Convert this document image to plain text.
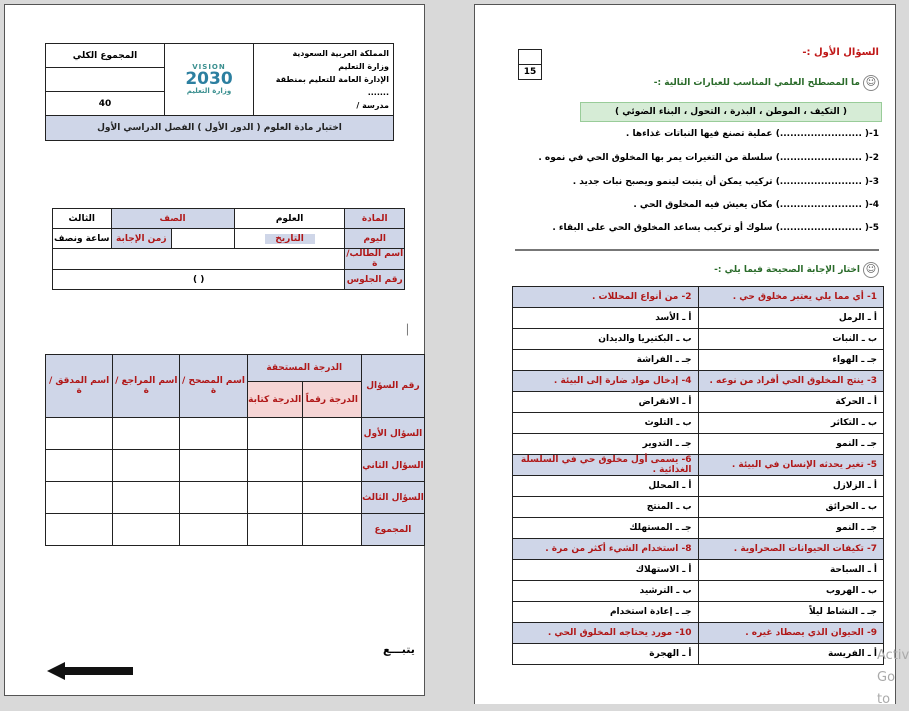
المجموع الكلي	
VISION
2030
وزارة التعليم

المملكة العربية السعودية
وزارة التعليم
الإدارة العامة للتعليم بمنطقة .......
مدرسة /

40
اختبار مادة العلوم ( الدور الأول ) الفصل الدراسي الأول
المادة	العلوم	الصف		الثالث
اليوم	التاريخ		زمن الإجابة	ساعة ونصف
اسم الطالب/ة				
رقم الجلوس	( )			
▏
رقم السؤال	الدرجة المستحقة		اسم المصحح / ة	اسم المراجع / ة	اسم المدقق / ة
	الدرجة رقماً	الدرجة كتابة			
السؤال الأول					
السؤال الثاني					
السؤال الثالث					
المجموع					
يتبـــع

15
السؤال الأول :-
☺
ما المصطلح العلمي المناسب للعبارات التالية :-
( التكيف ، الموطن ، البذرة ، التحول ، البناء الضوئي )
1-(........................) عملية تصنع فيها النباتات غذاءها .
2-(........................) سلسلة من التغيرات يمر بها المخلوق الحي في نموه .
3-(........................) تركيب يمكن أن ينبت لينمو ويصبح نبات جديد .
4-(........................) مكان يعيش فيه المخلوق الحي .
5-(........................) سلوك أو تركيب يساعد المخلوق الحي على البقاء .
☺
اختار الإجابة الصحيحة فيما يلي :-
1- أي مما يلي يعتبر مخلوق حي .	2- من أنواع المحللات .
أ ـ الرمل	أ ـ الأسد
ب ـ النبات	ب ـ البكتيريا والديدان
جـ ـ الهواء	جـ ـ الفراشة
3- ينتج المخلوق الحي أفراد من نوعه .	4- إدخال مواد ضارة إلى البيئة .
أ ـ الحركة	أ ـ الانقراض
ب ـ التكاثر	ب ـ التلوث
جـ ـ النمو	جـ ـ التدوير
5- تغير يحدثه الإنسان في البيئة .	6- يسمى أول مخلوق حي في السلسلة الغذائية .
أ ـ الزلازل	أ ـ المحلل
ب ـ الحرائق	ب ـ المنتج
جـ ـ النمو	جـ ـ المستهلك
7- تكيفات الحيوانات الصحراوية .	8- استخدام الشيء أكثر من مرة .
أ ـ السباحة	أ ـ الاستهلاك
ب ـ الهروب	ب ـ الترشيد
جـ ـ النشاط ليلاً	جـ ـ إعادة استخدام
9- الحيوان الذي يصطاد غيره .	10- مورد يحتاجه المخلوق الحي .
أ ـ الفريسة	أ ـ الهجرة	Activ
Go to
